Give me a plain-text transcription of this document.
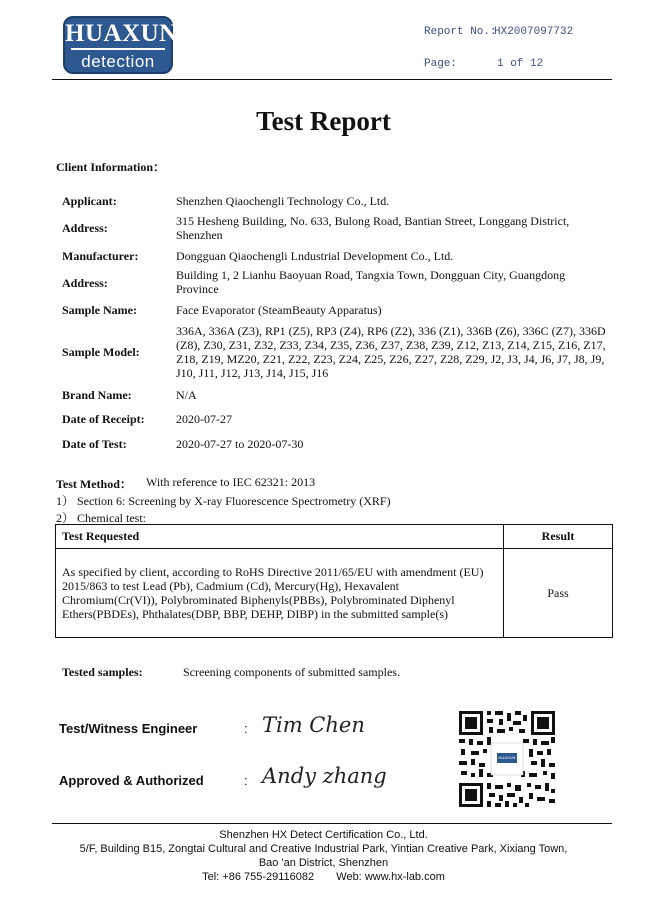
HUAXUN
detection
Report No.:
HX2007097732
Page:	1 of 12
Test Report
Client Information：
Applicant:	Shenzhen Qiaochengli Technology Co., Ltd.
Address:	315 Hesheng Building, No. 633, Bulong Road, Bantian Street, Longgang District, Shenzhen
Manufacturer:	Dongguan Qiaochengli Lndustrial Development Co., Ltd.
Address:
Building 1, 2 Lianhu Baoyuan Road, Tangxia Town, Dongguan City, Guangdong Province
Sample Name:	Face Evaporator (SteamBeauty Apparatus)
Sample Model:
336A, 336A (Z3), RP1 (Z5), RP3 (Z4), RP6 (Z2), 336 (Z1), 336B (Z6), 336C (Z7), 336D (Z8), Z30, Z31, Z32, Z33, Z34, Z35, Z36, Z37, Z38, Z39, Z12, Z13, Z14, Z15, Z16, Z17, Z18, Z19, MZ20, Z21, Z22, Z23, Z24, Z25, Z26, Z27, Z28, Z29, J2, J3, J4, J6, J7, J8, J9, J10, J11, J12, J13, J14, J15, J16
Brand Name:	N/A
Date of Receipt:	2020-07-27
Date of Test:	2020-07-27 to 2020-07-30
Test Method： With reference to IEC 62321: 2013
1） Section 6: Screening by X-ray Fluorescence Spectrometry (XRF)
2） Chemical test:
Test Requested	Result
As specified by client, according to RoHS Directive 2011/65/EU with amendment (EU) 2015/863 to test Lead (Pb), Cadmium (Cd), Mercury(Hg), Hexavalent Chromium(Cr(VI)), Polybrominated Biphenyls(PBBs), Polybrominated Diphenyl Ethers(PBDEs), Phthalates(DBP, BBP, DEHP, DIBP) in the submitted sample(s)	Pass
Tested samples:	Screening components of submitted samples.
Test/Witness Engineer	: Tim Chen
Approved & Authorized	: Andy zhang
HUAXUN
Shenzhen HX Detect Certification Co., Ltd.
5/F, Building B15, Zongtai Cultural and Creative Industrial Park, Yintian Creative Park, Xixiang Town,
Bao 'an District, Shenzhen
Tel: +86 755-29116082 Web: www.hx-lab.com
